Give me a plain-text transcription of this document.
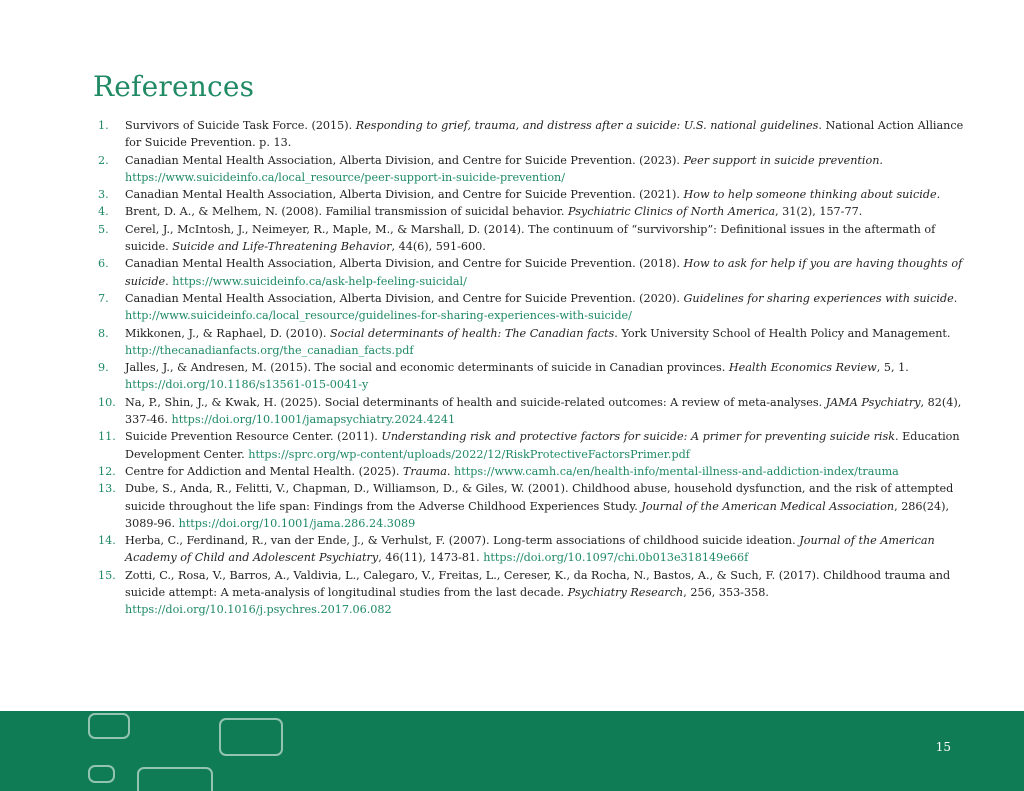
References
1. Survivors of Suicide Task Force. (2015). Responding to grief, trauma, and distress after a suicide: U.S. national guidelines. National Action Alliance for Suicide Prevention. p. 13.
2. Canadian Mental Health Association, Alberta Division, and Centre for Suicide Prevention. (2023). Peer support in suicide prevention. https://www.suicideinfo.ca/local_resource/peer-support-in-suicide-prevention/
3. Canadian Mental Health Association, Alberta Division, and Centre for Suicide Prevention. (2021). How to help someone thinking about suicide.
4. Brent, D. A., & Melhem, N. (2008). Familial transmission of suicidal behavior. Psychiatric Clinics of North America, 31(2), 157-77.
5. Cerel, J., McIntosh, J., Neimeyer, R., Maple, M., & Marshall, D. (2014). The continuum of “survivorship”: Definitional issues in the aftermath of suicide. Suicide and Life-Threatening Behavior, 44(6), 591-600.
6. Canadian Mental Health Association, Alberta Division, and Centre for Suicide Prevention. (2018). How to ask for help if you are having thoughts of suicide. https://www.suicideinfo.ca/ask-help-feeling-suicidal/
7. Canadian Mental Health Association, Alberta Division, and Centre for Suicide Prevention. (2020). Guidelines for sharing experiences with suicide. http://www.suicideinfo.ca/local_resource/guidelines-for-sharing-experiences-with-suicide/
8. Mikkonen, J., & Raphael, D. (2010). Social determinants of health: The Canadian facts. York University School of Health Policy and Management. http://thecanadianfacts.org/the_canadian_facts.pdf
9. Jalles, J., & Andresen, M. (2015). The social and economic determinants of suicide in Canadian provinces. Health Economics Review, 5, 1. https://doi.org/10.1186/s13561-015-0041-y
10. Na, P., Shin, J., & Kwak, H. (2025). Social determinants of health and suicide-related outcomes: A review of meta-analyses. JAMA Psychiatry, 82(4), 337-46. https://doi.org/10.1001/jamapsychiatry.2024.4241
11. Suicide Prevention Resource Center. (2011). Understanding risk and protective factors for suicide: A primer for preventing suicide risk. Education Development Center. https://sprc.org/wp-content/uploads/2022/12/RiskProtectiveFactorsPrimer.pdf
12. Centre for Addiction and Mental Health. (2025). Trauma. https://www.camh.ca/en/health-info/mental-illness-and-addiction-index/trauma
13. Dube, S., Anda, R., Felitti, V., Chapman, D., Williamson, D., & Giles, W. (2001). Childhood abuse, household dysfunction, and the risk of attempted suicide throughout the life span: Findings from the Adverse Childhood Experiences Study. Journal of the American Medical Association, 286(24), 3089-96. https://doi.org/10.1001/jama.286.24.3089
14. Herba, C., Ferdinand, R., van der Ende, J., & Verhulst, F. (2007). Long-term associations of childhood suicide ideation. Journal of the American Academy of Child and Adolescent Psychiatry, 46(11), 1473-81. https://doi.org/10.1097/chi.0b013e318149e66f
15. Zotti, C., Rosa, V., Barros, A., Valdivia, L., Calegaro, V., Freitas, L., Cereser, K., da Rocha, N., Bastos, A., & Such, F. (2017). Childhood trauma and suicide attempt: A meta-analysis of longitudinal studies from the last decade. Psychiatry Research, 256, 353-358. https://doi.org/10.1016/j.psychres.2017.06.082
15
